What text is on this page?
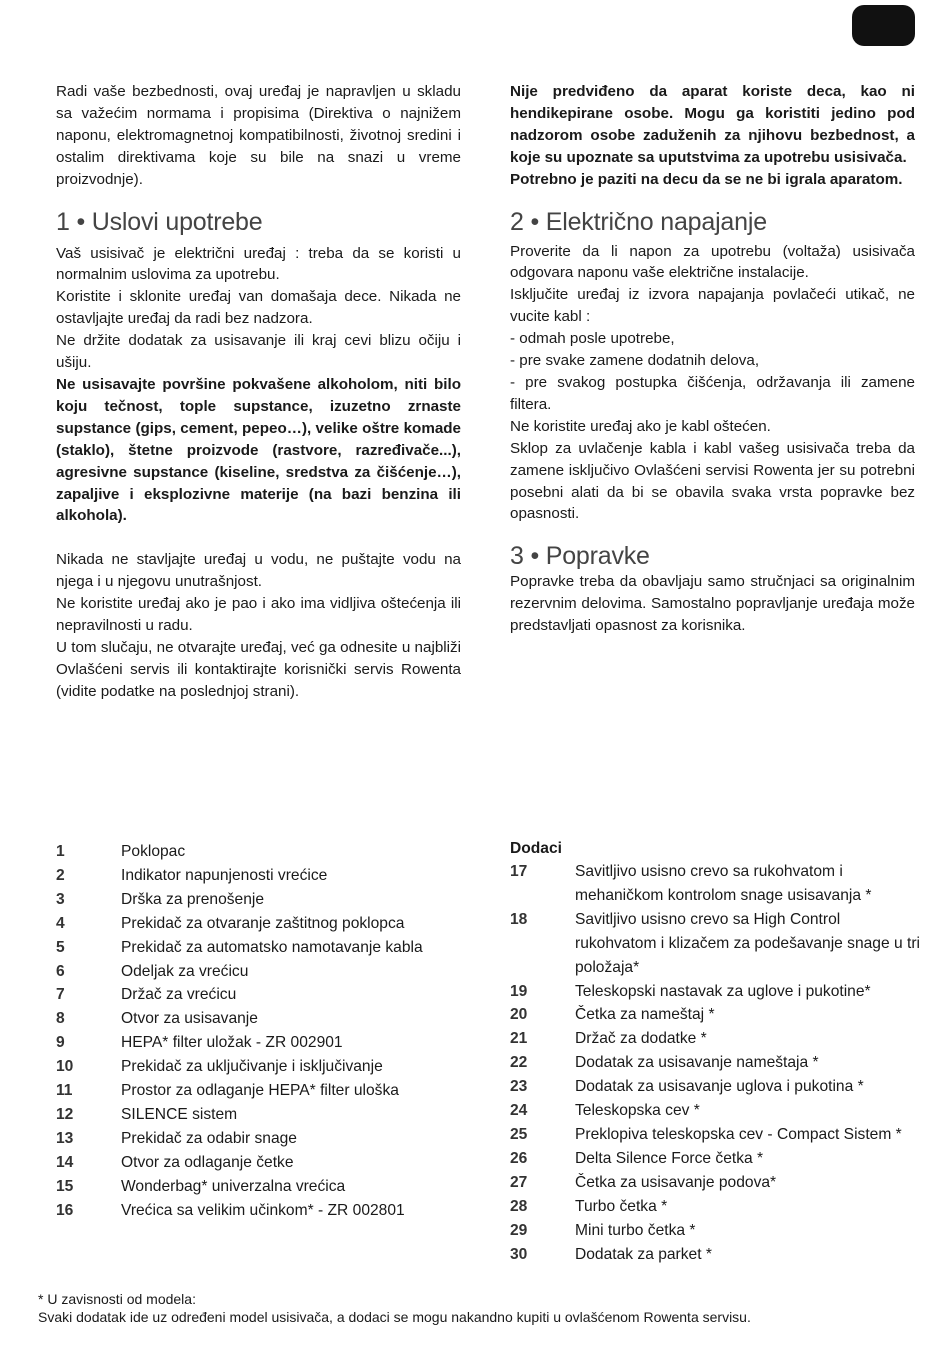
Radi vaše bezbednosti, ovaj uređaj je napravljen u skladu sa važećim normama i propisima (Direktiva o najnižem naponu, elektromagnetnoj kompatibilnosti, životnoj sredini i ostalim direktivama koje su bile na snazi u vreme proizvodnje).

1 • Uslovi upotrebe

Vaš usisivač je električni uređaj : treba da se koristi u normalnim uslovima za upotrebu.

Koristite i sklonite uređaj van domašaja dece. Nikada ne ostavljajte uređaj da radi bez nadzora.

Ne držite dodatak za usisavanje ili kraj cevi blizu očiju i ušiju.

Ne usisavajte površine pokvašene alkoholom, niti bilo koju tečnost, tople supstance, izuzetno zrnaste supstance (gips, cement, pepeo…), velike oštre komade (staklo), štetne proizvode (rastvore, razređivače...), agresivne supstance (kiseline, sredstva za čišćenje…), zapaljive i eksplozivne materije (na bazi benzina ili alkohola).

Nikada ne stavljajte uređaj u vodu, ne puštajte vodu na njega i u njegovu unutrašnjost.

Ne koristite uređaj ako je pao i ako ima vidljiva oštećenja ili nepravilnosti u radu.

U tom slučaju, ne otvarajte uređaj, već ga odnesite u najbliži Ovlašćeni servis ili kontaktirajte korisnički servis Rowenta (vidite podatke na poslednjoj strani).

Nije predviđeno da aparat koriste deca, kao ni hendikepirane osobe. Mogu ga koristiti jedino pod nadzorom osobe zaduženih za njihovu bezbednost, a koje su upoznate sa uputstvima za upotrebu usisivača.

Potrebno je paziti na decu da se ne bi igrala aparatom.

2 • Električno napajanje

Proverite da li napon za upotrebu (voltaža) usisivača odgovara naponu vaše električne instalacije.

Isključite uređaj iz izvora napajanja povlačeći utikač, ne vucite kabl :

- odmah posle upotrebe,

- pre svake zamene dodatnih delova,

- pre svakog postupka čišćenja, održavanja ili zamene filtera.

Ne koristite uređaj ako je kabl oštećen.

Sklop za uvlačenje kabla i kabl vašeg usisivača treba da zamene isključivo Ovlašćeni servisi Rowenta jer su potrebni posebni alati da bi se obavila svaka vrsta popravke bez opasnosti.

3 • Popravke

Popravke treba da obavljaju samo stručnjaci sa originalnim rezervnim delovima. Samostalno popravljanje uređaja može predstavljati opasnost za korisnika.

1	Poklopac
2	Indikator napunjenosti vrećice
3	Drška za prenošenje
4	Prekidač za otvaranje zaštitnog poklopca
5	Prekidač za automatsko namotavanje kabla
6	Odeljak za vrećicu
7	Držač za vrećicu
8	Otvor za usisavanje
9	HEPA* filter uložak - ZR 002901
10	Prekidač za uključivanje i isključivanje
11	Prostor za odlaganje HEPA* filter uloška
12	SILENCE sistem
13	Prekidač za odabir snage
14	Otvor za odlaganje četke
15	Wonderbag* univerzalna vrećica
16	Vrećica sa velikim učinkom* - ZR 002801
Dodaci
17	Savitljivo usisno crevo sa rukohvatom i mehaničkom kontrolom snage usisavanja *
18	Savitljivo usisno crevo sa High Control rukohvatom i klizačem za podešavanje snage u tri položaja*
19	Teleskopski nastavak za uglove i pukotine*
20	Četka za nameštaj *
21	Držač za dodatke *
22	Dodatak za usisavanje nameštaja *
23	Dodatak za usisavanje uglova i pukotina *
24	Teleskopska cev *
25	Preklopiva teleskopska cev - Compact Sistem *
26	Delta Silence Force četka *
27	Četka za usisavanje podova*
28	Turbo četka *
29	Mini turbo četka *
30	Dodatak za parket *
* U zavisnosti od modela:
Svaki dodatak ide uz određeni model usisivača, a dodaci se mogu nakandno kupiti u ovlašćenom Rowenta servisu.
